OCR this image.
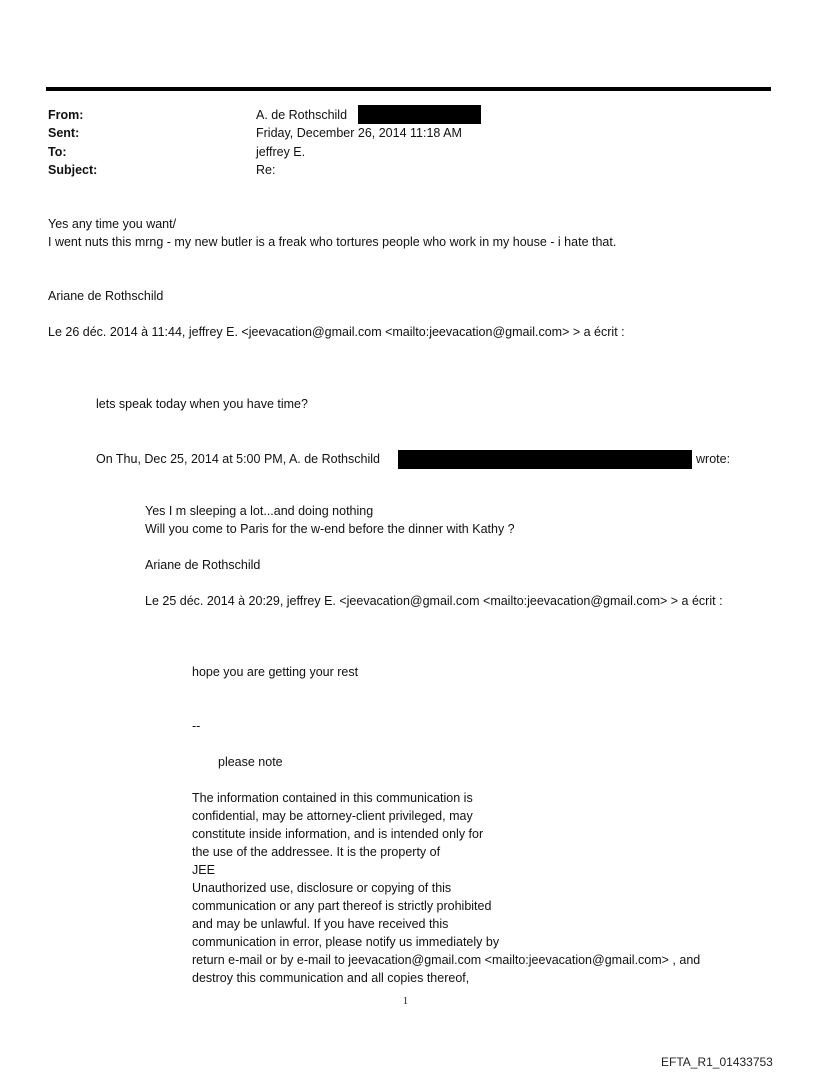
From:	A. de Rothschild
Sent:	Friday, December 26, 2014 11:18 AM
To:	jeffrey E.
Subject:	Re:
Yes any time you want/
I went nuts this mrng - my new butler is a freak who tortures people who work in my house - i hate that.
Ariane de Rothschild
Le 26 déc. 2014 à 11:44, jeffrey E. <jeevacation@gmail.com <mailto:jeevacation@gmail.com> > a écrit :
lets speak today when you have time?
On Thu, Dec 25, 2014 at 5:00 PM, A. de Rothschild	wrote:
Yes I m sleeping a lot...and doing nothing
Will you come to Paris for the w-end before the dinner with Kathy ?
Ariane de Rothschild
Le 25 déc. 2014 à 20:29, jeffrey E. <jeevacation@gmail.com <mailto:jeevacation@gmail.com> > a écrit :
hope you are getting your rest
--
please note
The information contained in this communication is
confidential, may be attorney-client privileged, may
constitute inside information, and is intended only for
the use of the addressee. It is the property of
JEE
Unauthorized use, disclosure or copying of this
communication or any part thereof is strictly prohibited
and may be unlawful. If you have received this
communication in error, please notify us immediately by
return e-mail or by e-mail to jeevacation@gmail.com <mailto:jeevacation@gmail.com> , and
destroy this communication and all copies thereof,
1
EFTA_R1_01433753
